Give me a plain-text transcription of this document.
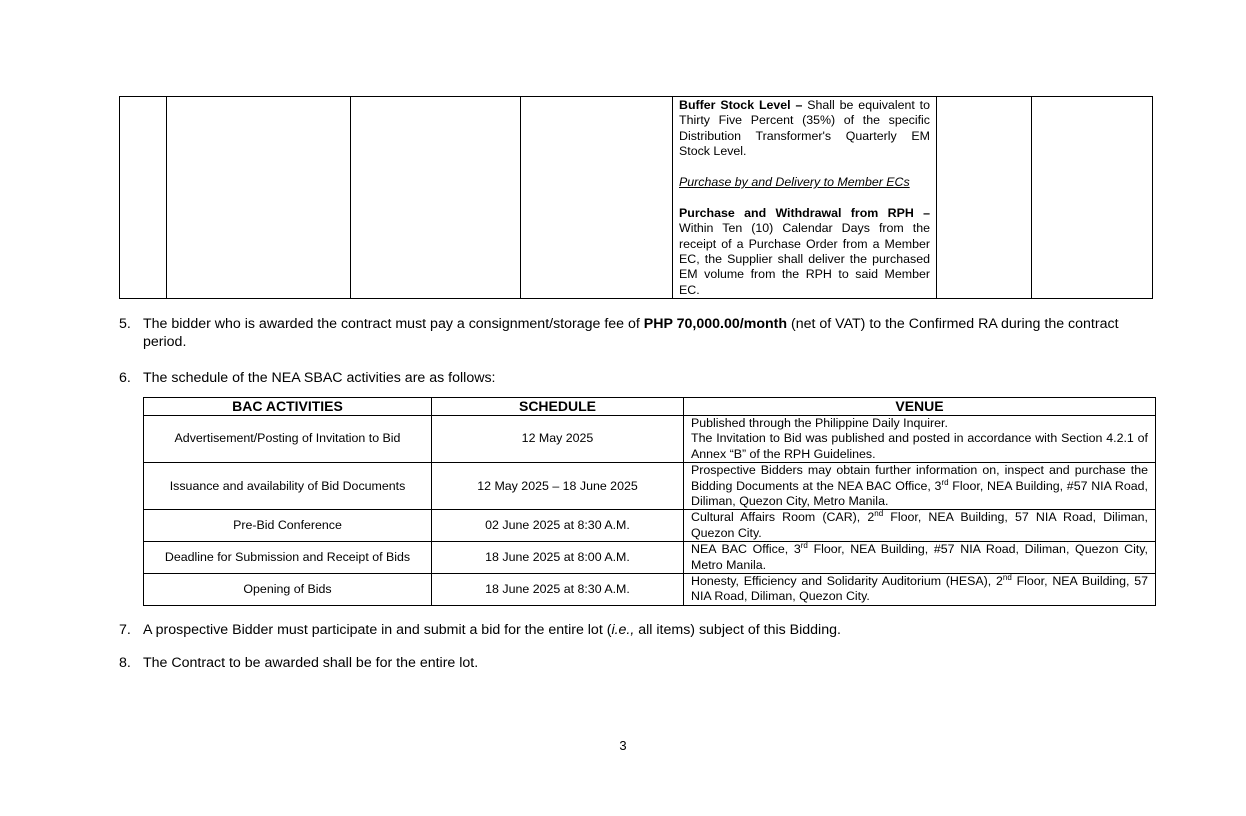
Buffer Stock Level – Shall be equivalent to Thirty Five Percent (35%) of the specific Distribution Transformer's Quarterly EM Stock Level.

Purchase by and Delivery to Member ECs

Purchase and Withdrawal from RPH – Within Ten (10) Calendar Days from the receipt of a Purchase Order from a Member EC, the Supplier shall deliver the purchased EM volume from the RPH to said Member EC.

5. The bidder who is awarded the contract must pay a consignment/storage fee of PHP 70,000.00/month (net of VAT) to the Confirmed RA during the contract period.
6. The schedule of the NEA SBAC activities are as follows:
BAC ACTIVITIES	SCHEDULE	VENUE
Advertisement/Posting of Invitation to Bid	12 May 2025	Published through the Philippine Daily Inquirer.
The Invitation to Bid was published and posted in accordance with Section 4.2.1 of Annex “B” of the RPH Guidelines.

Issuance and availability of Bid Documents	12 May 2025 – 18 June 2025	Prospective Bidders may obtain further information on, inspect and purchase the Bidding Documents at the NEA BAC Office, 3rd Floor, NEA Building, #57 NIA Road, Diliman, Quezon City, Metro Manila.
Pre-Bid Conference	02 June 2025 at 8:30 A.M.	Cultural Affairs Room (CAR), 2nd Floor, NEA Building, 57 NIA Road, Diliman, Quezon City.
Deadline for Submission and Receipt of Bids	18 June 2025 at 8:00 A.M.	NEA BAC Office, 3rd Floor, NEA Building, #57 NIA Road, Diliman, Quezon City, Metro Manila.
Opening of Bids	18 June 2025 at 8:30 A.M.	Honesty, Efficiency and Solidarity Auditorium (HESA), 2nd Floor, NEA Building, 57 NIA Road, Diliman, Quezon City.
7. A prospective Bidder must participate in and submit a bid for the entire lot (i.e., all items) subject of this Bidding.
8. The Contract to be awarded shall be for the entire lot.
3
